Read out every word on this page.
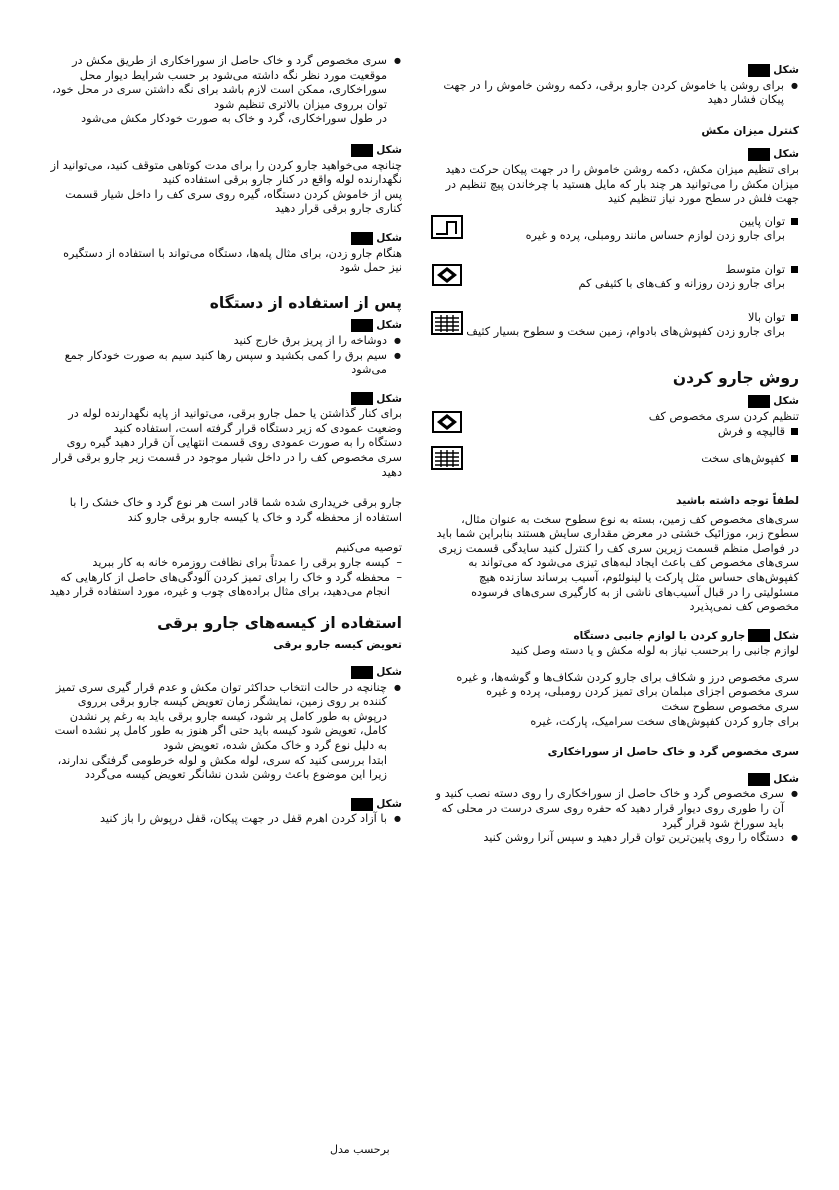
شکل
● برای روشن یا خاموش کردن جارو برقی، دکمه روشن خاموش را در جهت پیکان فشار دهید
کنترل میزان مکش
شکل

برای تنظیم میزان مکش، دکمه روشن خاموش را در جهت پیکان حرکت دهید

میزان مکش را می‌توانید هر چند بار که مایل هستید با چرخاندن پیچ تنظیم در جهت فلش در سطح مورد نیاز تنظیم کنید

توان پایین

برای جارو زدن لوازم حساس مانند رومبلی، پرده و غیره

توان متوسط

برای جارو زدن روزانه و کف‌های با کثیفی کم

توان بالا

برای جارو زدن کفپوش‌های بادوام، زمین سخت و سطوح بسیار کثیف

روش جارو کردن
شکل

تنظیم کردن سری مخصوص کف

قالیچه و فرش
کفپوش‌های سخت
لطفاً توجه داشته باشید

سری‌های مخصوص کف زمین، بسته به نوع سطوح سخت به عنوان مثال، سطوح زبر، موزائیک خشتی در معرض مقداری سایش هستند بنابراین شما باید در فواصل منظم قسمت زیرین سری کف را کنترل کنید سایدگی قسمت زیری سری‌های مخصوص کف باعث ایجاد لبه‌های تیزی می‌شود که می‌تواند به کفپوش‌های حساس مثل پارکت یا لینولئوم، آسیب برساند سازنده هیچ مسئولیتی را در قبال آسیب‌های ناشی از به کارگیری سری‌های فرسوده مخصوص کف نمی‌پذیرد

شکل
جارو کردن با لوازم جانبی دستگاه

لوازم جانبی را برحسب نیاز به لوله مکش و یا دسته وصل کنید

سری مخصوص درز و شکاف برای جارو کردن شکاف‌ها و گوشه‌ها، و غیره

سری مخصوص اجزای مبلمان برای تمیز کردن رومبلی، پرده و غیره

سری مخصوص سطوح سخت

برای جارو کردن کفپوش‌های سخت سرامیک، پارکت، غیره

سری مخصوص گرد و خاک حاصل از سوراخکاری
شکل
● سری مخصوص گرد و خاک حاصل از سوراخکاری را روی دسته نصب کنید و آن را طوری روی دیوار قرار دهید که حفره روی سری درست در محلی که باید سوراخ شود قرار گیرد
● دستگاه را روی پایین‌ترین توان قرار دهید و سپس آنرا روشن کنید
● سری مخصوص گرد و خاک حاصل از سوراخکاری از طریق مکش در موقعیت مورد نظر نگه داشته می‌شود بر حسب شرایط دیوار محل سوراخکاری، ممکن است لازم باشد برای نگه داشتن سری در محل خود، توان برروی میزان بالاتری تنظیم شود
در طول سوراخکاری، گرد و خاک به صورت خودکار مکش می‌شود
شکل

چنانچه می‌خواهید جارو کردن را برای مدت کوتاهی متوقف کنید، می‌توانید از نگهدارنده لوله واقع در کنار جارو برقی استفاده کنید

پس از خاموش کردن دستگاه، گیره روی سری کف را داخل شیار قسمت کناری جارو برقی قرار دهید

شکل

هنگام جارو زدن، برای مثال پله‌ها، دستگاه می‌تواند با استفاده از دستگیره نیز حمل شود

پس از استفاده از دستگاه
شکل
● دوشاخه را از پریز برق خارج کنید
● سیم برق را کمی بکشید و سپس رها کنید سیم به صورت خودکار جمع می‌شود
شکل

برای کنار گذاشتن یا حمل جارو برقی، می‌توانید از پایه نگهدارنده لوله در وضعیت عمودی که زیر دستگاه قرار گرفته است، استفاده کنید

دستگاه را به صورت عمودی روی قسمت انتهایی آن قرار دهید گیره روی سری مخصوص کف را در داخل شیار موجود در قسمت زیر جارو برقی قرار دهید

جارو برقی خریداری شده شما قادر است هر نوع گرد و خاک خشک را با استفاده از محفظه گرد و خاک یا کیسه جارو برقی جارو کند

توصیه می‌کنیم

– کیسه جارو برقی را عمدتاً برای نظافت روزمره خانه به کار ببرید
– محفظه گرد و خاک را برای تمیز کردن آلودگی‌های حاصل از کارهایی که انجام می‌دهید، برای مثال براده‌های چوب و غیره، مورد استفاده قرار دهید
استفاده از کیسه‌های جارو برقی
تعویض کیسه جارو برقی
شکل
● چنانچه در حالت انتخاب حداکثر توان مکش و عدم قرار گیری سری تمیز کننده بر روی زمین، نمایشگر زمان تعویض کیسه جارو برقی برروی درپوش به طور کامل پر شود، کیسه جارو برقی باید به رغم پر نشدن کامل، تعویض شود کیسه باید حتی اگر هنوز به طور کامل پر نشده است به دلیل نوع گرد و خاک مکش شده، تعویض شود
ابتدا بررسی کنید که سری، لوله مکش و لوله خرطومی گرفتگی ندارند، زیرا این موضوع باعث روشن شدن نشانگر تعویض کیسه می‌گردد
شکل
● با آزاد کردن اهرم قفل در جهت پیکان، قفل درپوش را باز کنید
برحسب مدل
